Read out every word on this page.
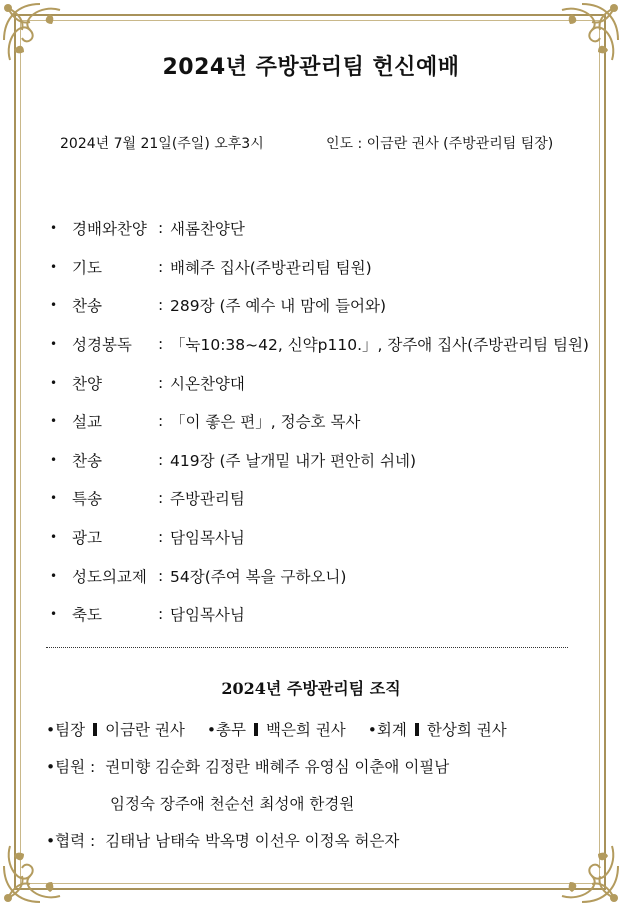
2024년 주방관리팀 헌신예배
2024년 7월 21일(주일) 오후3시	인도 : 이금란 권사 (주방관리팀 팀장)
• 경배와찬양 : 새롬찬양단
• 기도	: 배혜주 집사(주방관리팀 팀원)
• 찬송	: 289장 (주 예수 내 맘에 들어와)
• 성경봉독	: 「눅10:38~42, 신약p110.」, 장주애 집사(주방관리팀 팀원)
• 찬양	: 시온찬양대
• 설교	: 「이 좋은 편」, 정승호 목사
• 찬송	: 419장 (주 날개밑 내가 편안히 쉬네)
• 특송	: 주방관리팀
• 광고	: 담임목사님
• 성도의교제 : 54장(주여 복을 구하오니)
• 축도	: 담임목사님
2024년 주방관리팀 조직
•팀장 이금란 권사 •총무 백은희 권사 •회계 한상희 권사
•팀원 : 권미향 김순화 김정란 배혜주 유영심 이춘애 이필남
임정숙 장주애 천순선 최성애 한경원
•협력 : 김태남 남태숙 박옥명 이선우 이정옥 허은자
